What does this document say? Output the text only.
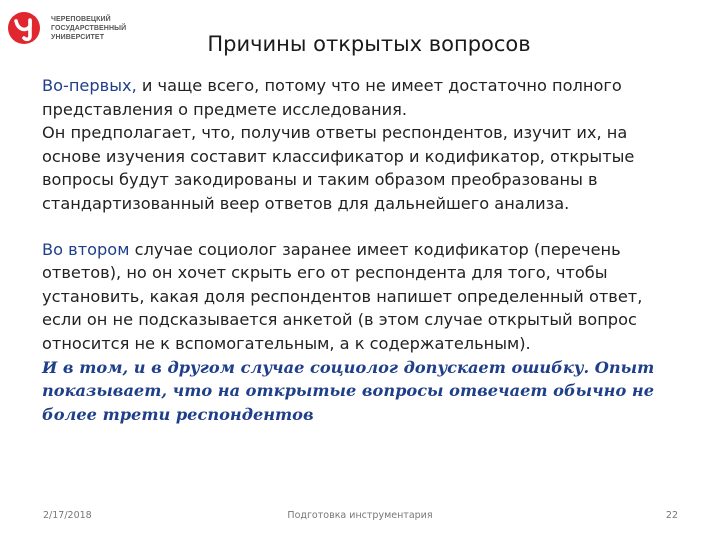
ЧЕРЕПОВЕЦКИЙ
ГОСУДАРСТВЕННЫЙ
УНИВЕРСИТЕТ	Причины открытых вопросов

Во-первых, и чаще всего, потому что не имеет достаточно полного представления о предмете исследования.

Он предполагает, что, получив ответы респондентов, изучит их, на основе изучения составит классификатор и кодификатор, открытые вопросы будут закодированы и таким образом преобразованы в стандартизованный веер ответов для дальнейшего анализа.

Во втором случае социолог заранее имеет кодификатор (перечень ответов), но он хочет скрыть его от респондента для того, чтобы установить, какая доля респондентов напишет определенный ответ, если он не подсказывается анкетой (в этом случае открытый вопрос относится не к вспомогательным, а к содержательным).

И в том, и в другом случае социолог допускает ошибку. Опыт показывает, что на открытые вопросы отвечает обычно не более трети респондентов

2/17/2018	Подготовка инструментария	22
